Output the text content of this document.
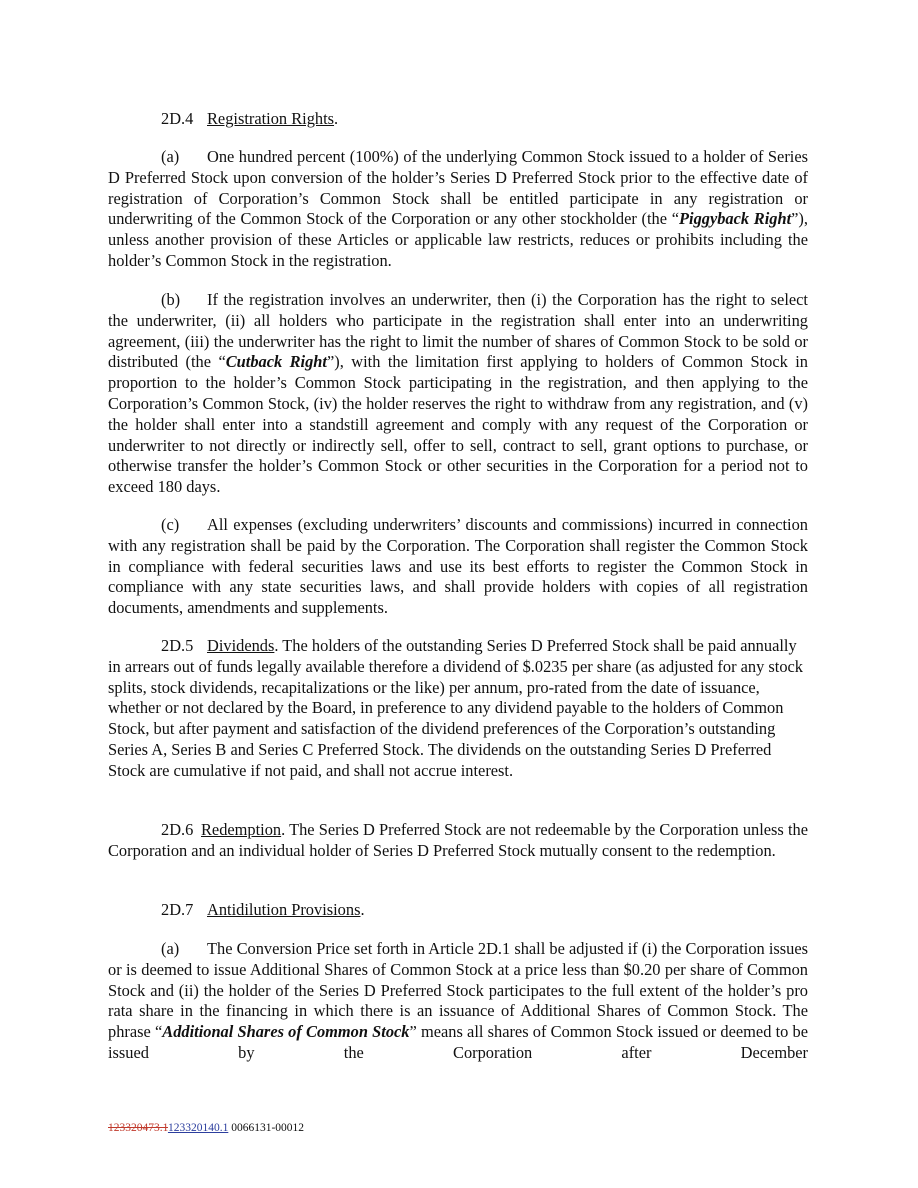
2D.4 Registration Rights.

(a) One hundred percent (100%) of the underlying Common Stock issued to a holder of Series D Preferred Stock upon conversion of the holder’s Series D Preferred Stock prior to the effective date of registration of Corporation’s Common Stock shall be entitled participate in any registration or underwriting of the Common Stock of the Corporation or any other stockholder (the “Piggyback Right”), unless another provision of these Articles or applicable law restricts, reduces or prohibits including the holder’s Common Stock in the registration.

(b) If the registration involves an underwriter, then (i) the Corporation has the right to select the underwriter, (ii) all holders who participate in the registration shall enter into an underwriting agreement, (iii) the underwriter has the right to limit the number of shares of Common Stock to be sold or distributed (the “Cutback Right”), with the limitation first applying to holders of Common Stock in proportion to the holder’s Common Stock participating in the registration, and then applying to the Corporation’s Common Stock, (iv) the holder reserves the right to withdraw from any registration, and (v) the holder shall enter into a standstill agreement and comply with any request of the Corporation or underwriter to not directly or indirectly sell, offer to sell, contract to sell, grant options to purchase, or otherwise transfer the holder’s Common Stock or other securities in the Corporation for a period not to exceed 180 days.

(c) All expenses (excluding underwriters’ discounts and commissions) incurred in connection with any registration shall be paid by the Corporation. The Corporation shall register the Common Stock in compliance with federal securities laws and use its best efforts to register the Common Stock in compliance with any state securities laws, and shall provide holders with copies of all registration documents, amendments and supplements.

2D.5 Dividends. The holders of the outstanding Series D Preferred Stock shall be paid annually in arrears out of funds legally available therefore a dividend of $.0235 per share (as adjusted for any stock splits, stock dividends, recapitalizations or the like) per annum, pro-rated from the date of issuance, whether or not declared by the Board, in preference to any dividend payable to the holders of Common Stock, but after payment and satisfaction of the dividend preferences of the Corporation’s outstanding Series A, Series B and Series C Preferred Stock. The dividends on the outstanding Series D Preferred Stock are cumulative if not paid, and shall not accrue interest.

2D.6 Redemption. The Series D Preferred Stock are not redeemable by the Corporation unless the Corporation and an individual holder of Series D Preferred Stock mutually consent to the redemption.

2D.7 Antidilution Provisions.

(a) The Conversion Price set forth in Article 2D.1 shall be adjusted if (i) the Corporation issues or is deemed to issue Additional Shares of Common Stock at a price less than $0.20 per share of Common Stock and (ii) the holder of the Series D Preferred Stock participates to the full extent of the holder’s pro rata share in the financing in which there is an issuance of Additional Shares of Common Stock. The phrase “Additional Shares of Common Stock” means all shares of Common Stock issued or deemed to be issued by the Corporation after December

123320473.1123320140.1 0066131-00012
